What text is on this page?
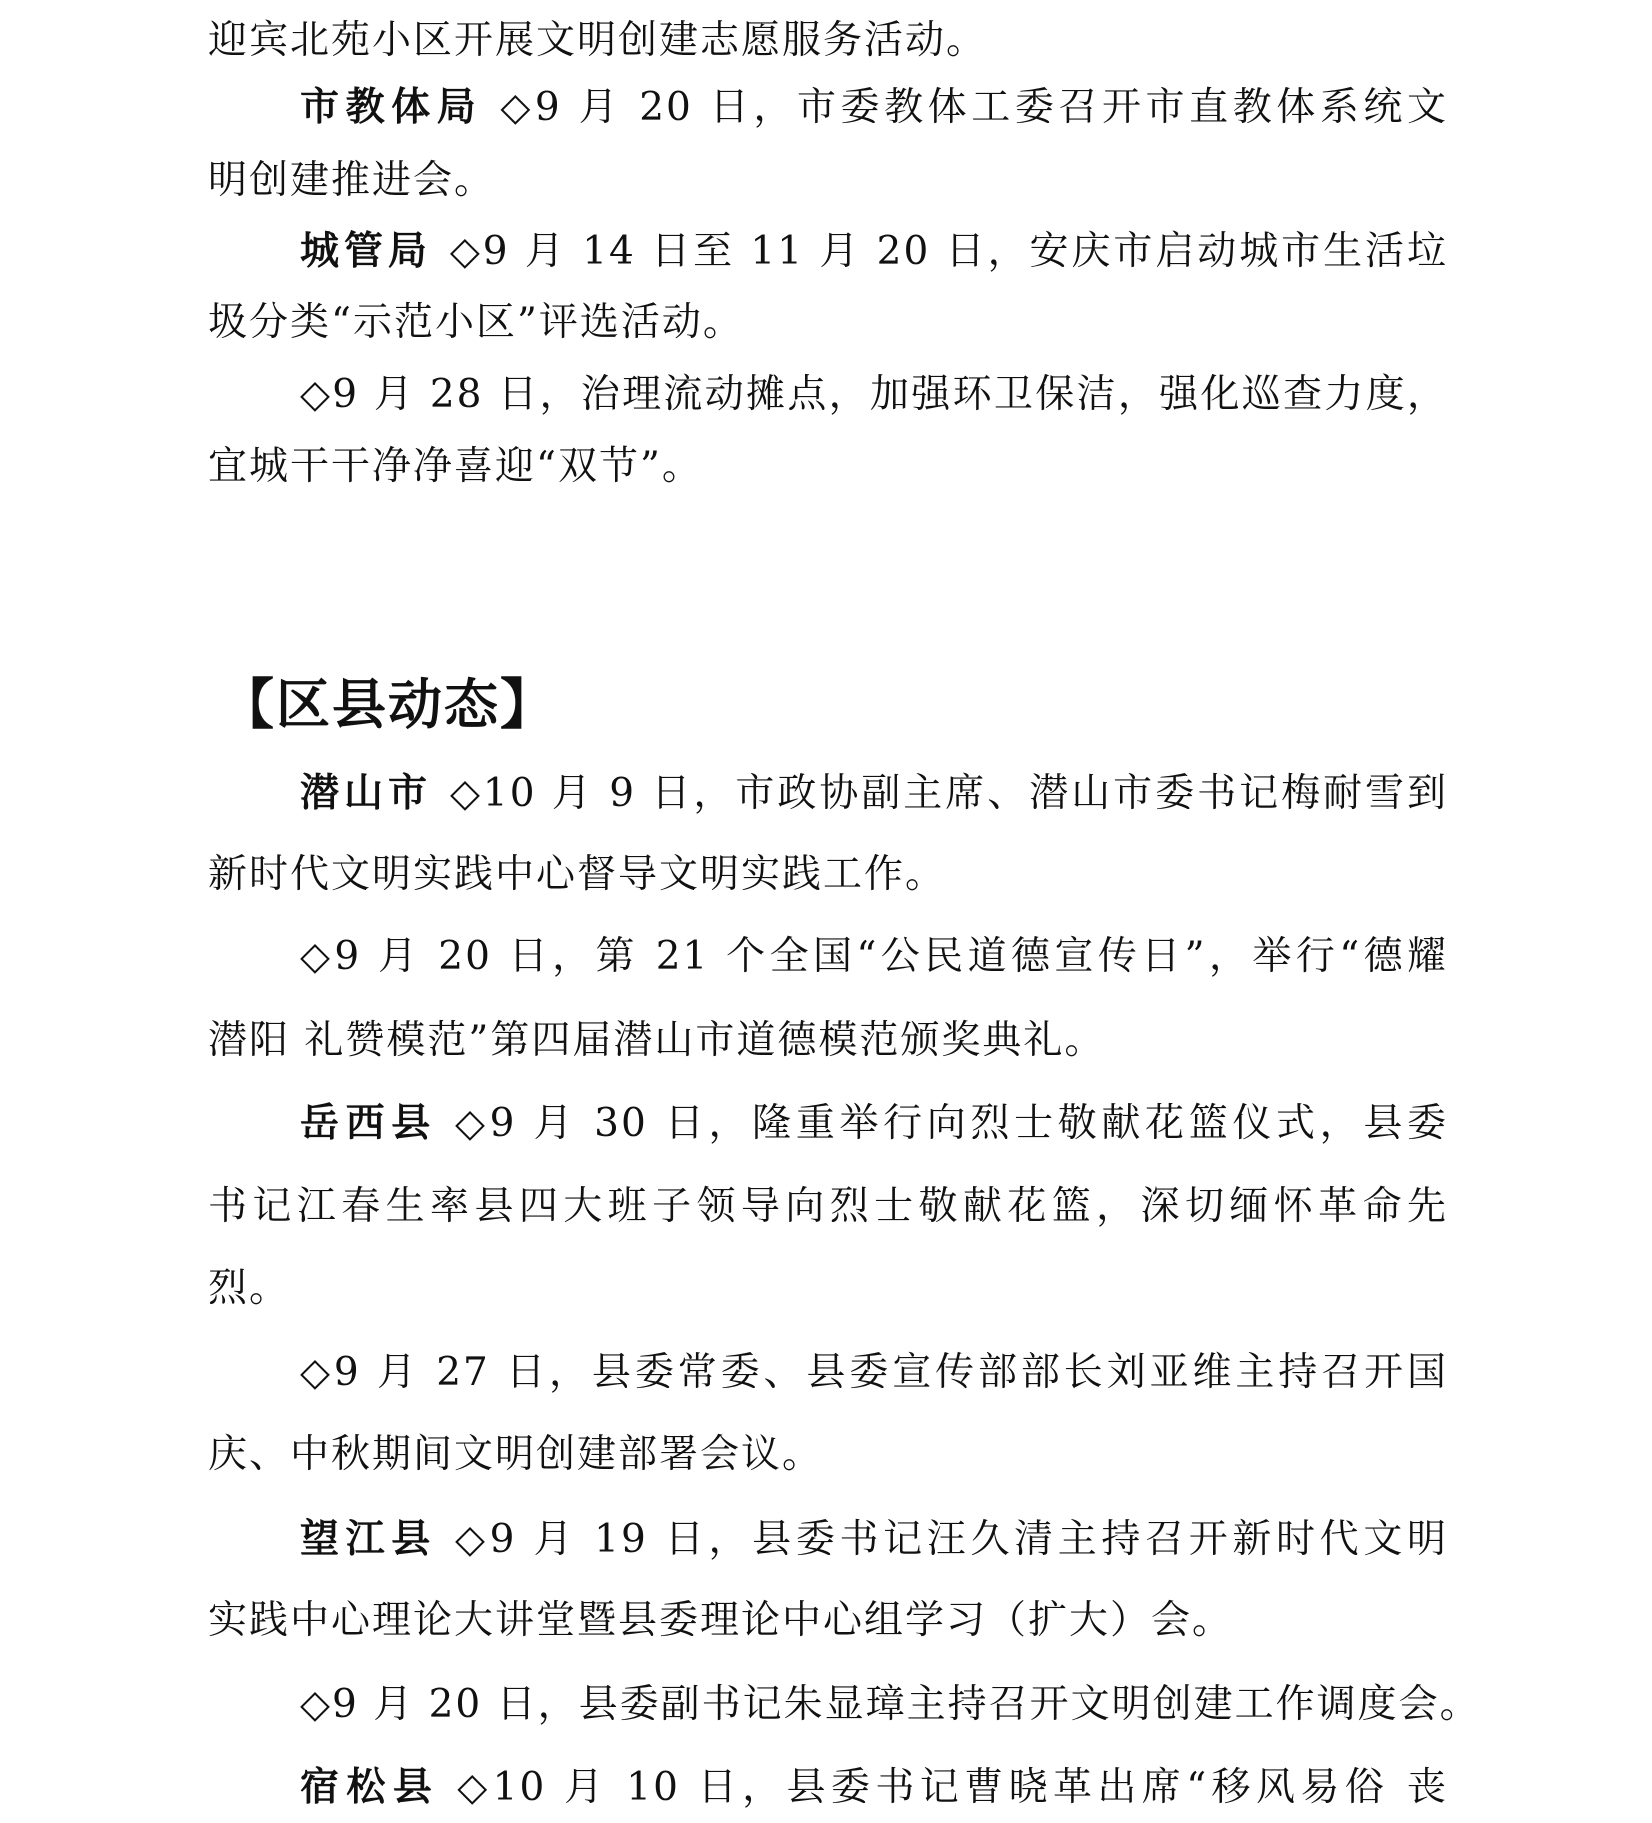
迎宾北苑小区开展文明创建志愿服务活动。
市教体局 ◇9 月 20 日，市委教体工委召开市直教体系统文
明创建推进会。
城管局 ◇9 月 14 日至 11 月 20 日，安庆市启动城市生活垃
圾分类“示范小区”评选活动。
◇9 月 28 日，治理流动摊点，加强环卫保洁，强化巡查力度，
宜城干干净净喜迎“双节”。
【区县动态】
潜山市 ◇10 月 9 日，市政协副主席、潜山市委书记梅耐雪到
新时代文明实践中心督导文明实践工作。
◇9 月 20 日，第 21 个全国“公民道德宣传日”，举行“德耀
潜阳 礼赞模范”第四届潜山市道德模范颁奖典礼。
岳西县 ◇9 月 30 日，隆重举行向烈士敬献花篮仪式，县委
书记江春生率县四大班子领导向烈士敬献花篮，深切缅怀革命先
烈。
◇9 月 27 日，县委常委、县委宣传部部长刘亚维主持召开国
庆、中秋期间文明创建部署会议。
望江县 ◇9 月 19 日，县委书记汪久清主持召开新时代文明
实践中心理论大讲堂暨县委理论中心组学习（扩大）会。
◇9 月 20 日，县委副书记朱显璋主持召开文明创建工作调度会。
宿松县 ◇10 月 10 日，县委书记曹晓革出席“移风易俗 丧
